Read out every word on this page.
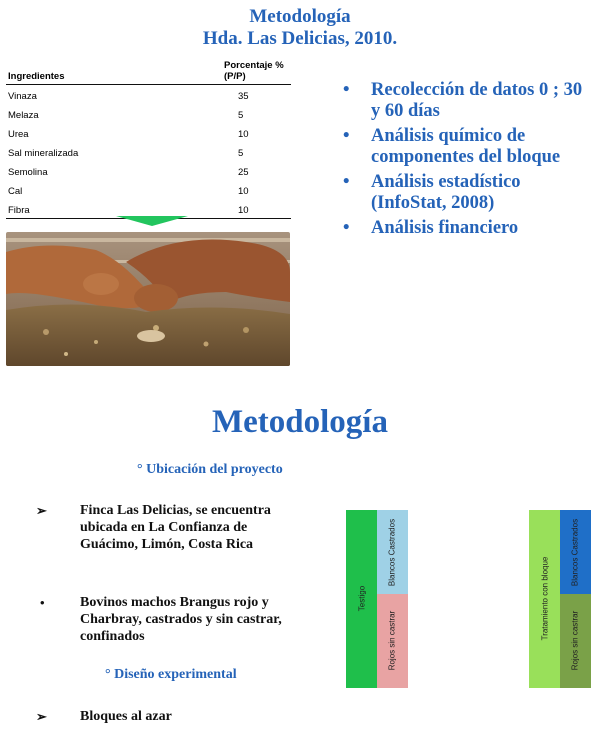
Metodología
Hda. Las Delicias, 2010.
Ingredientes
Porcentaje %(P/P)
Vinaza	35
Melaza	5
Urea	10
Sal mineralizada	5
Semolina	25
Cal	10
Fibra	10
• Recolección de datos 0 ; 30 y 60 días
• Análisis químico de componentes del bloque
• Análisis estadístico (InfoStat, 2008)
• Análisis financiero
Metodología
° Ubicación del proyecto
➢ Finca Las Delicias, se encuentra ubicada en La Confianza de Guácimo, Limón, Costa Rica
•	Bovinos machos Brangus rojo y Charbray, castrados y sin castrar, confinados
° Diseño experimental
➢ Bloques al azar
Testigo
Blancos Castrados
Rojos sin castrar
Tratamiento con bloque
Blancos Castrados
Rojos sin castrar
